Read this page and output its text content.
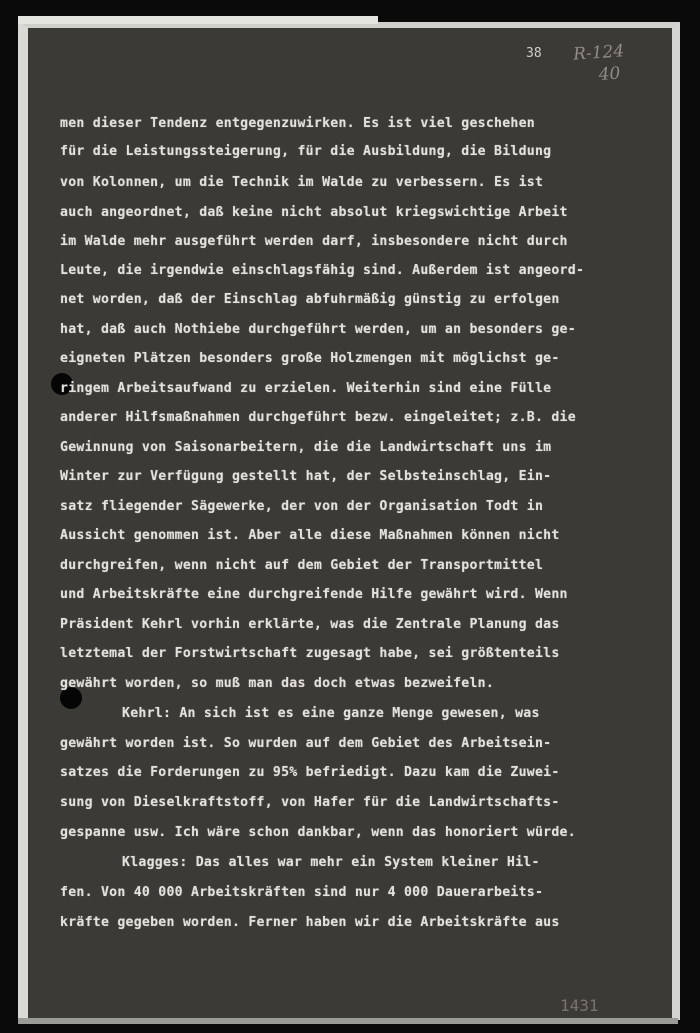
38 R-124
40
men dieser Tendenz entgegenzuwirken. Es ist viel geschehen
für die Leistungssteigerung, für die Ausbildung, die Bildung
von Kolonnen, um die Technik im Walde zu verbessern. Es ist
auch angeordnet, daß keine nicht absolut kriegswichtige Arbeit
im Walde mehr ausgeführt werden darf, insbesondere nicht durch
Leute, die irgendwie einschlagsfähig sind. Außerdem ist angeord-
net worden, daß der Einschlag abfuhrmäßig günstig zu erfolgen
hat, daß auch Nothiebe durchgeführt werden, um an besonders ge-
eigneten Plätzen besonders große Holzmengen mit möglichst ge-
ringem Arbeitsaufwand zu erzielen. Weiterhin sind eine Fülle
anderer Hilfsmaßnahmen durchgeführt bezw. eingeleitet; z.B. die
Gewinnung von Saisonarbeitern, die die Landwirtschaft uns im
Winter zur Verfügung gestellt hat, der Selbsteinschlag, Ein-
satz fliegender Sägewerke, der von der Organisation Todt in
Aussicht genommen ist. Aber alle diese Maßnahmen können nicht
durchgreifen, wenn nicht auf dem Gebiet der Transportmittel
und Arbeitskräfte eine durchgreifende Hilfe gewährt wird. Wenn
Präsident Kehrl vorhin erklärte, was die Zentrale Planung das
letztemal der Forstwirtschaft zugesagt habe, sei größtenteils
gewährt worden, so muß man das doch etwas bezweifeln.
Kehrl: An sich ist es eine ganze Menge gewesen, was
gewährt worden ist. So wurden auf dem Gebiet des Arbeitsein-
satzes die Forderungen zu 95% befriedigt. Dazu kam die Zuwei-
sung von Dieselkraftstoff, von Hafer für die Landwirtschafts-
gespanne usw. Ich wäre schon dankbar, wenn das honoriert würde.
Klagges: Das alles war mehr ein System kleiner Hil-
fen. Von 40 000 Arbeitskräften sind nur 4 000 Dauerarbeits-
kräfte gegeben worden. Ferner haben wir die Arbeitskräfte aus
1431
